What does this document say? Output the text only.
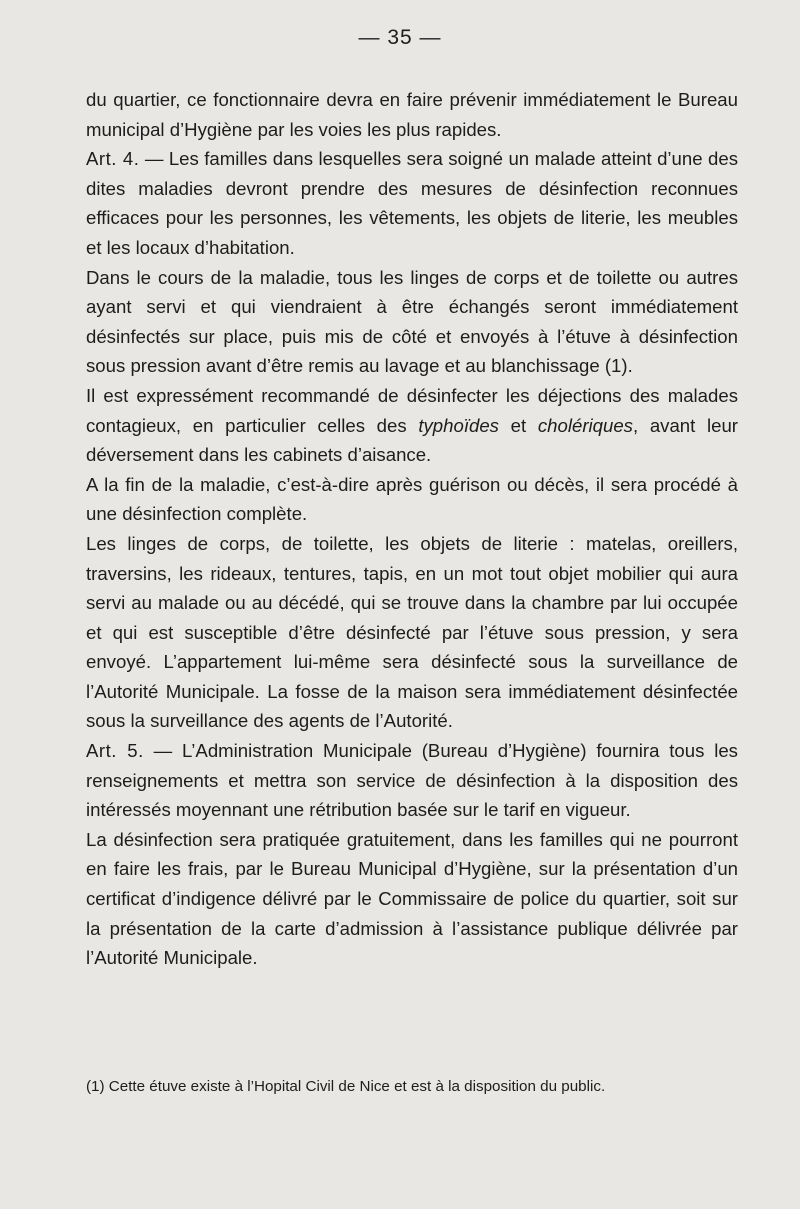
— 35 —

du quartier, ce fonctionnaire devra en faire prévenir immédiatement le Bureau municipal d’Hygiène par les voies les plus rapides.

Art. 4. — Les familles dans lesquelles sera soigné un malade atteint d’une des dites maladies devront prendre des mesures de désinfection reconnues efficaces pour les personnes, les vêtements, les objets de literie, les meubles et les locaux d’habitation.

Dans le cours de la maladie, tous les linges de corps et de toilette ou autres ayant servi et qui viendraient à être échangés seront immédiatement désinfectés sur place, puis mis de côté et envoyés à l’étuve à désinfection sous pression avant d’être remis au lavage et au blanchissage (1).

Il est expressément recommandé de désinfecter les déjections des malades contagieux, en particulier celles des typhoïdes et cholériques, avant leur déversement dans les cabinets d’aisance.

A la fin de la maladie, c’est-à-dire après guérison ou décès, il sera procédé à une désinfection complète.

Les linges de corps, de toilette, les objets de literie : matelas, oreillers, traversins, les rideaux, tentures, tapis, en un mot tout objet mobilier qui aura servi au malade ou au décédé, qui se trouve dans la chambre par lui occupée et qui est susceptible d’être désinfecté par l’étuve sous pression, y sera envoyé. L’appartement lui-même sera désinfecté sous la surveillance de l’Autorité Municipale. La fosse de la maison sera immédiatement désinfectée sous la surveillance des agents de l’Autorité.

Art. 5. — L’Administration Municipale (Bureau d’Hygiène) fournira tous les renseignements et mettra son service de désinfection à la disposition des intéressés moyennant une rétribution basée sur le tarif en vigueur.

La désinfection sera pratiquée gratuitement, dans les familles qui ne pourront en faire les frais, par le Bureau Municipal d’Hygiène, sur la présentation d’un certificat d’indigence délivré par le Commissaire de police du quartier, soit sur la présentation de la carte d’admission à l’assistance publique délivrée par l’Autorité Municipale.

(1) Cette étuve existe à l’Hopital Civil de Nice et est à la disposition du public.
